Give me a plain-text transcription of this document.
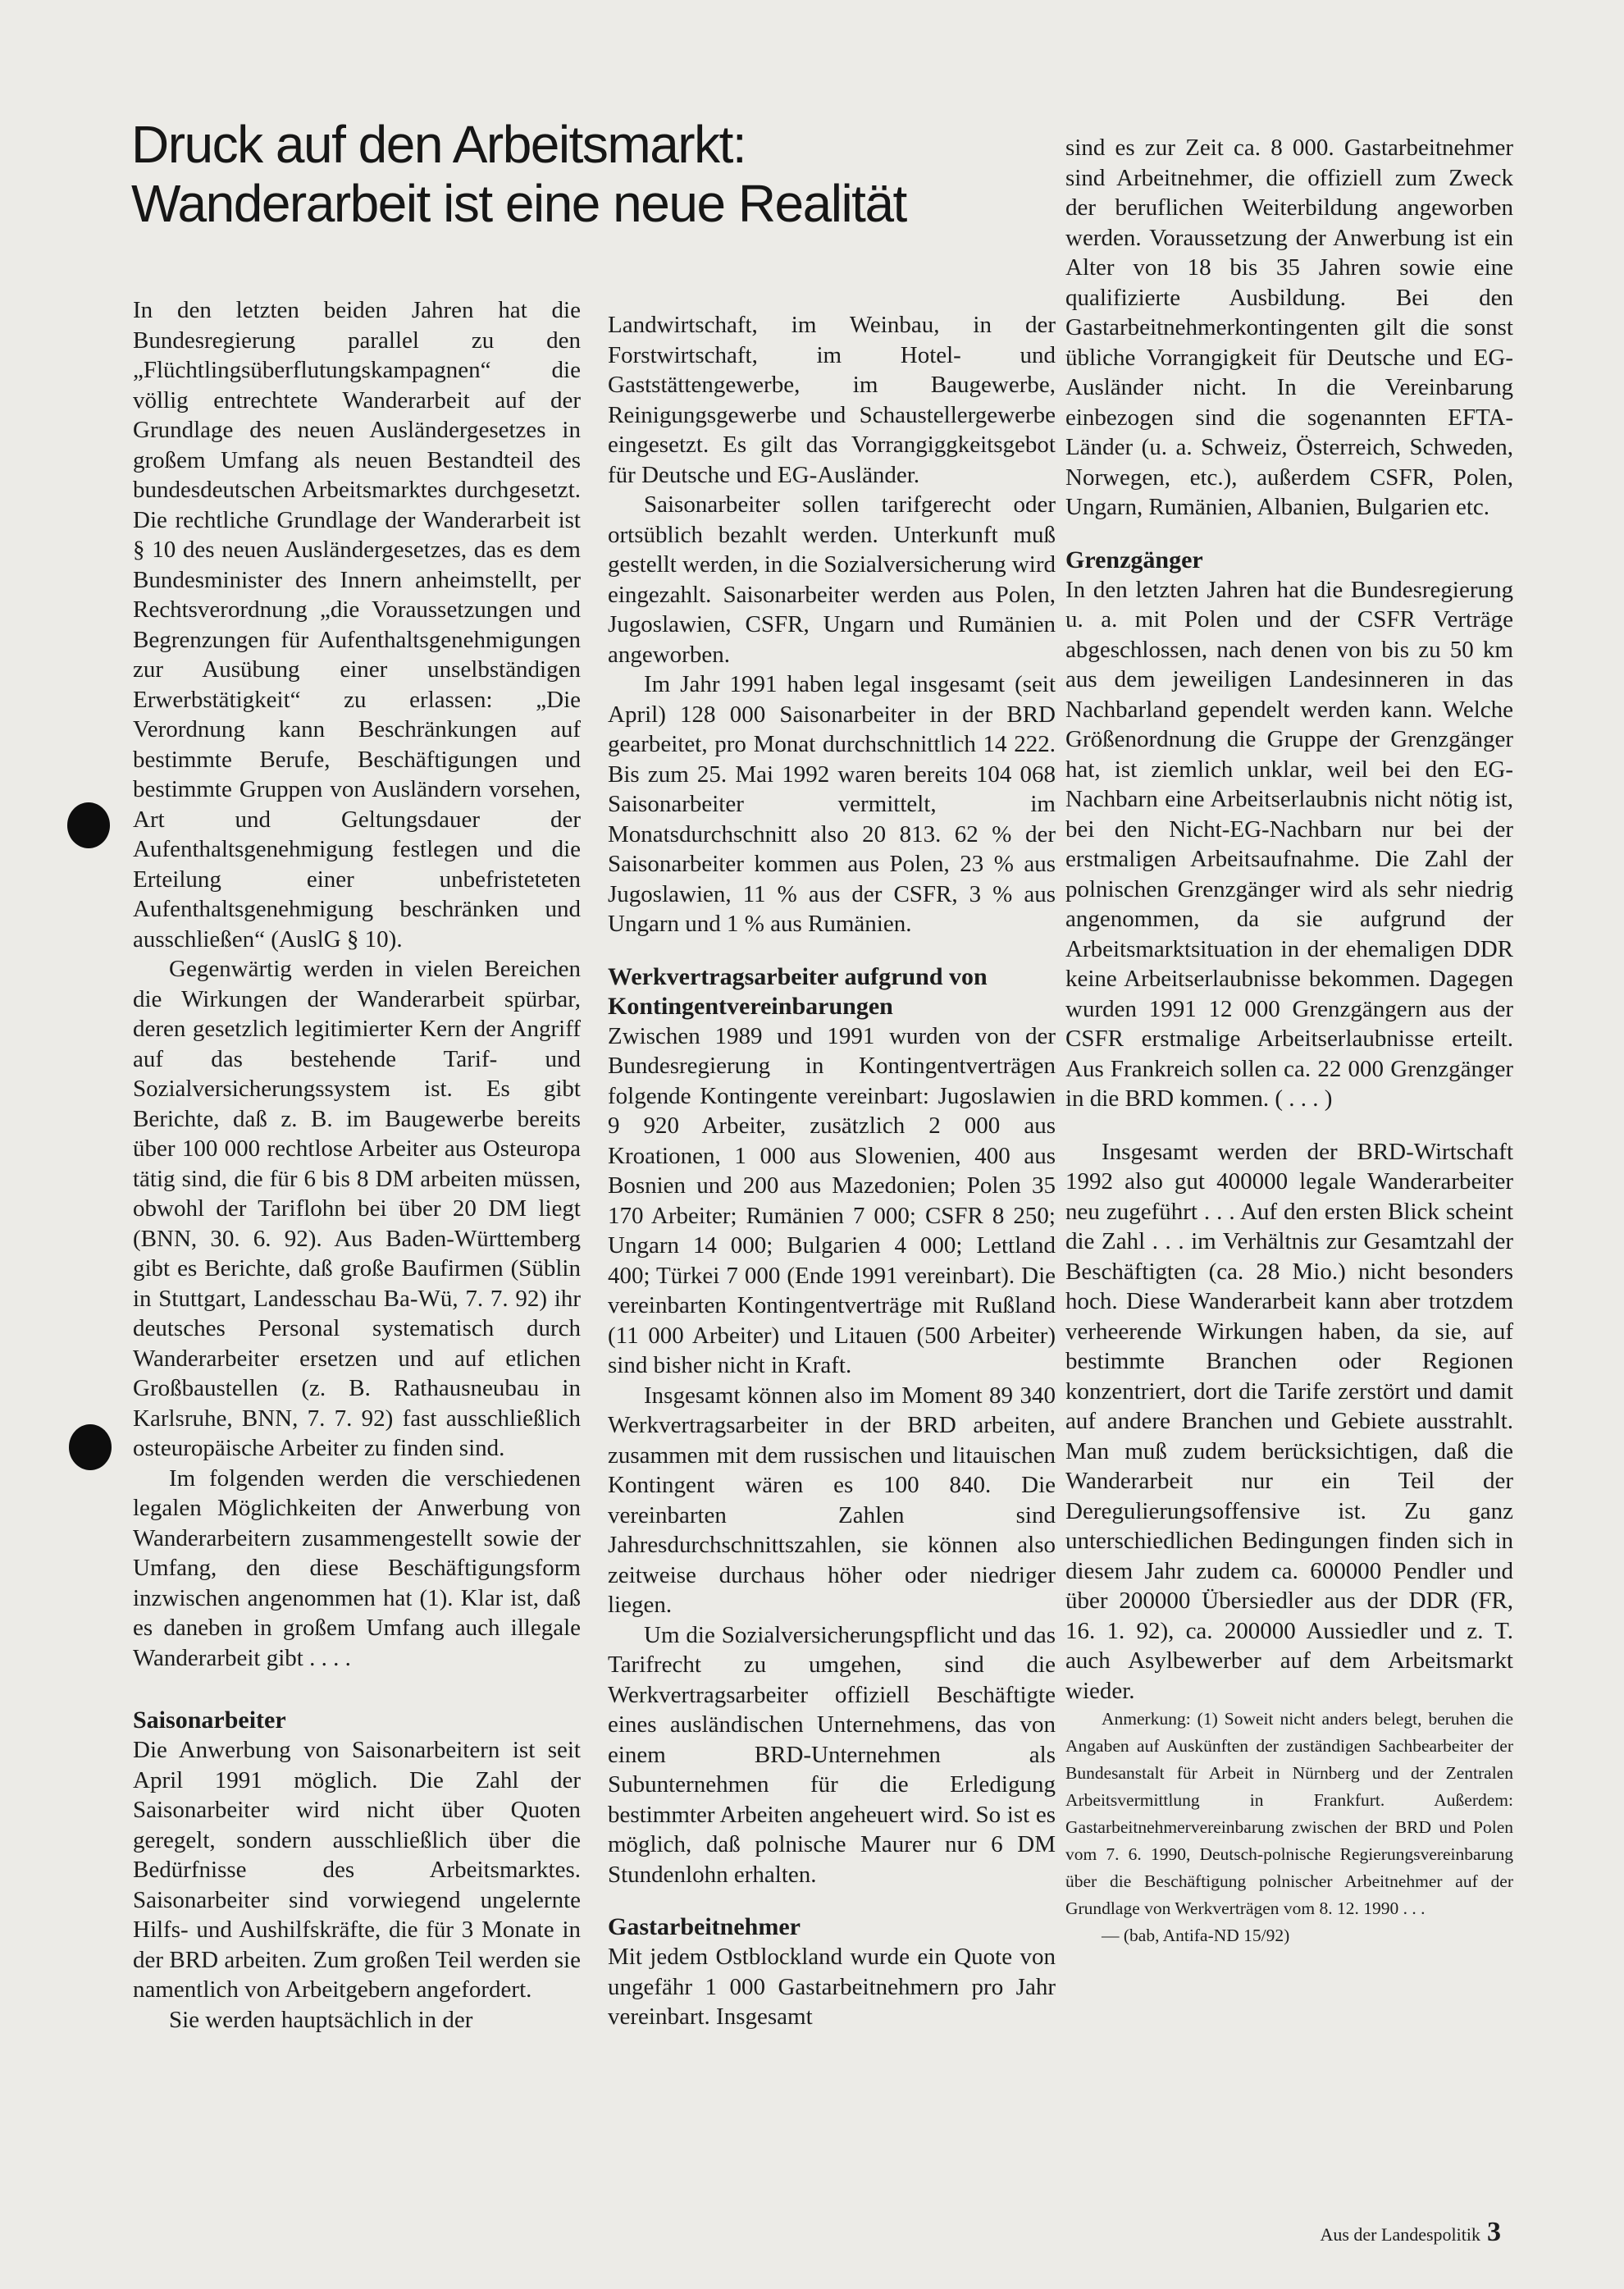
Druck auf den Arbeitsmarkt:
Wanderarbeit ist eine neue Realität

In den letzten beiden Jahren hat die Bundesregierung parallel zu den „Flüchtlingsüberflutungskampagnen“ die völlig entrechtete Wanderarbeit auf der Grundlage des neuen Ausländergesetzes in großem Umfang als neuen Bestandteil des bundesdeutschen Arbeitsmarktes durchgesetzt. Die rechtliche Grundlage der Wanderarbeit ist § 10 des neuen Ausländergesetzes, das es dem Bundesminister des Innern anheimstellt, per Rechtsverordnung „die Voraussetzungen und Begrenzungen für Aufenthaltsgenehmigungen zur Ausübung einer unselbständigen Erwerbstätigkeit“ zu erlassen: „Die Verordnung kann Beschränkungen auf bestimmte Berufe, Beschäftigungen und bestimmte Gruppen von Ausländern vorsehen, Art und Geltungsdauer der Aufenthaltsgenehmigung festlegen und die Erteilung einer unbefristeteten Aufenthaltsgenehmigung beschränken und ausschließen“ (AuslG § 10).

Gegenwärtig werden in vielen Bereichen die Wirkungen der Wanderarbeit spürbar, deren gesetzlich legitimierter Kern der Angriff auf das bestehende Tarif- und Sozialversicherungssystem ist. Es gibt Berichte, daß z. B. im Baugewerbe bereits über 100 000 rechtlose Arbeiter aus Osteuropa tätig sind, die für 6 bis 8 DM arbeiten müssen, obwohl der Tariflohn bei über 20 DM liegt (BNN, 30. 6. 92). Aus Baden-Württemberg gibt es Berichte, daß große Baufirmen (Süblin in Stuttgart, Landesschau Ba-Wü, 7. 7. 92) ihr deutsches Personal systematisch durch Wanderarbeiter ersetzen und auf etlichen Großbaustellen (z. B. Rathausneubau in Karlsruhe, BNN, 7. 7. 92) fast ausschließlich osteuropäische Arbeiter zu finden sind.

Im folgenden werden die verschiedenen legalen Möglichkeiten der Anwerbung von Wanderarbeitern zusammengestellt sowie der Umfang, den diese Beschäftigungsform inzwischen angenommen hat (1). Klar ist, daß es daneben in großem Umfang auch illegale Wanderarbeit gibt . . . .

Saisonarbeiter

Die Anwerbung von Saisonarbeitern ist seit April 1991 möglich. Die Zahl der Saisonarbeiter wird nicht über Quoten geregelt, sondern ausschließlich über die Bedürfnisse des Arbeitsmarktes. Saisonarbeiter sind vorwiegend ungelernte Hilfs- und Aushilfskräfte, die für 3 Monate in der BRD arbeiten. Zum großen Teil werden sie namentlich von Arbeitgebern angefordert.

Sie werden hauptsächlich in der

Landwirtschaft, im Weinbau, in der Forstwirtschaft, im Hotel- und Gaststättengewerbe, im Baugewerbe, Reinigungsgewerbe und Schaustellergewerbe eingesetzt. Es gilt das Vorrangiggkeitsgebot für Deutsche und EG-Ausländer.

Saisonarbeiter sollen tarifgerecht oder ortsüblich bezahlt werden. Unterkunft muß gestellt werden, in die Sozialversicherung wird eingezahlt. Saisonarbeiter werden aus Polen, Jugoslawien, CSFR, Ungarn und Rumänien angeworben.

Im Jahr 1991 haben legal insgesamt (seit April) 128 000 Saisonarbeiter in der BRD gearbeitet, pro Monat durchschnittlich 14 222. Bis zum 25. Mai 1992 waren bereits 104 068 Saisonarbeiter vermittelt, im Monatsdurchschnitt also 20 813. 62 % der Saisonarbeiter kommen aus Polen, 23 % aus Jugoslawien, 11 % aus der CSFR, 3 % aus Ungarn und 1 % aus Rumänien.

Werkvertragsarbeiter aufgrund von Kontingentvereinbarungen

Zwischen 1989 und 1991 wurden von der Bundesregierung in Kontingentverträgen folgende Kontingente vereinbart: Jugoslawien 9 920 Arbeiter, zusätzlich 2 000 aus Kroationen, 1 000 aus Slowenien, 400 aus Bosnien und 200 aus Mazedonien; Polen 35 170 Arbeiter; Rumänien 7 000; CSFR 8 250; Ungarn 14 000; Bulgarien 4 000; Lettland 400; Türkei 7 000 (Ende 1991 vereinbart). Die vereinbarten Kontingentverträge mit Rußland (11 000 Arbeiter) und Litauen (500 Arbeiter) sind bisher nicht in Kraft.

Insgesamt können also im Moment 89 340 Werkvertragsarbeiter in der BRD arbeiten, zusammen mit dem russischen und litauischen Kontingent wären es 100 840. Die vereinbarten Zahlen sind Jahresdurchschnittszahlen, sie können also zeitweise durchaus höher oder niedriger liegen.

Um die Sozialversicherungspflicht und das Tarifrecht zu umgehen, sind die Werkvertragsarbeiter offiziell Beschäftigte eines ausländischen Unternehmens, das von einem BRD-Unternehmen als Subunternehmen für die Erledigung bestimmter Arbeiten angeheuert wird. So ist es möglich, daß polnische Maurer nur 6 DM Stundenlohn erhalten.

Gastarbeitnehmer

Mit jedem Ostblockland wurde ein Quote von ungefähr 1 000 Gastarbeitnehmern pro Jahr vereinbart. Insgesamt

sind es zur Zeit ca. 8 000. Gastarbeitnehmer sind Arbeitnehmer, die offiziell zum Zweck der beruflichen Weiterbildung angeworben werden. Voraussetzung der Anwerbung ist ein Alter von 18 bis 35 Jahren sowie eine qualifizierte Ausbildung. Bei den Gastarbeitnehmerkontingenten gilt die sonst übliche Vorrangigkeit für Deutsche und EG-Ausländer nicht. In die Vereinbarung einbezogen sind die sogenannten EFTA-Länder (u. a. Schweiz, Österreich, Schweden, Norwegen, etc.), außerdem CSFR, Polen, Ungarn, Rumänien, Albanien, Bulgarien etc.

Grenzgänger

In den letzten Jahren hat die Bundesregierung u. a. mit Polen und der CSFR Verträge abgeschlossen, nach denen von bis zu 50 km aus dem jeweiligen Landesinneren in das Nachbarland gependelt werden kann. Welche Größenordnung die Gruppe der Grenzgänger hat, ist ziemlich unklar, weil bei den EG-Nachbarn eine Arbeitserlaubnis nicht nötig ist, bei den Nicht-EG-Nachbarn nur bei der erstmaligen Arbeitsaufnahme. Die Zahl der polnischen Grenzgänger wird als sehr niedrig angenommen, da sie aufgrund der Arbeitsmarktsituation in der ehemaligen DDR keine Arbeitserlaubnisse bekommen. Dagegen wurden 1991 12 000 Grenzgängern aus der CSFR erstmalige Arbeitserlaubnisse erteilt. Aus Frankreich sollen ca. 22 000 Grenzgänger in die BRD kommen. ( . . . )

Insgesamt werden der BRD-Wirtschaft 1992 also gut 400000 legale Wanderarbeiter neu zugeführt . . . Auf den ersten Blick scheint die Zahl . . . im Verhältnis zur Gesamtzahl der Beschäftigten (ca. 28 Mio.) nicht besonders hoch. Diese Wanderarbeit kann aber trotzdem verheerende Wirkungen haben, da sie, auf bestimmte Branchen oder Regionen konzentriert, dort die Tarife zerstört und damit auf andere Branchen und Gebiete ausstrahlt. Man muß zudem berücksichtigen, daß die Wanderarbeit nur ein Teil der Deregulierungsoffensive ist. Zu ganz unterschiedlichen Bedingungen finden sich in diesem Jahr zudem ca. 600000 Pendler und über 200000 Übersiedler aus der DDR (FR, 16. 1. 92), ca. 200000 Aussiedler und z. T. auch Asylbewerber auf dem Arbeitsmarkt wieder.

Anmerkung: (1) Soweit nicht anders belegt, beruhen die Angaben auf Auskünften der zuständigen Sachbearbeiter der Bundesanstalt für Arbeit in Nürnberg und der Zentralen Arbeitsvermittlung in Frankfurt. Außerdem: Gastarbeitnehmervereinbarung zwischen der BRD und Polen vom 7. 6. 1990, Deutsch-polnische Regierungsvereinbarung über die Beschäftigung polnischer Arbeitnehmer auf der Grundlage von Werkverträgen vom 8. 12. 1990 . . .

— (bab, Antifa-ND 15/92)

Aus der Landespolitik 3
